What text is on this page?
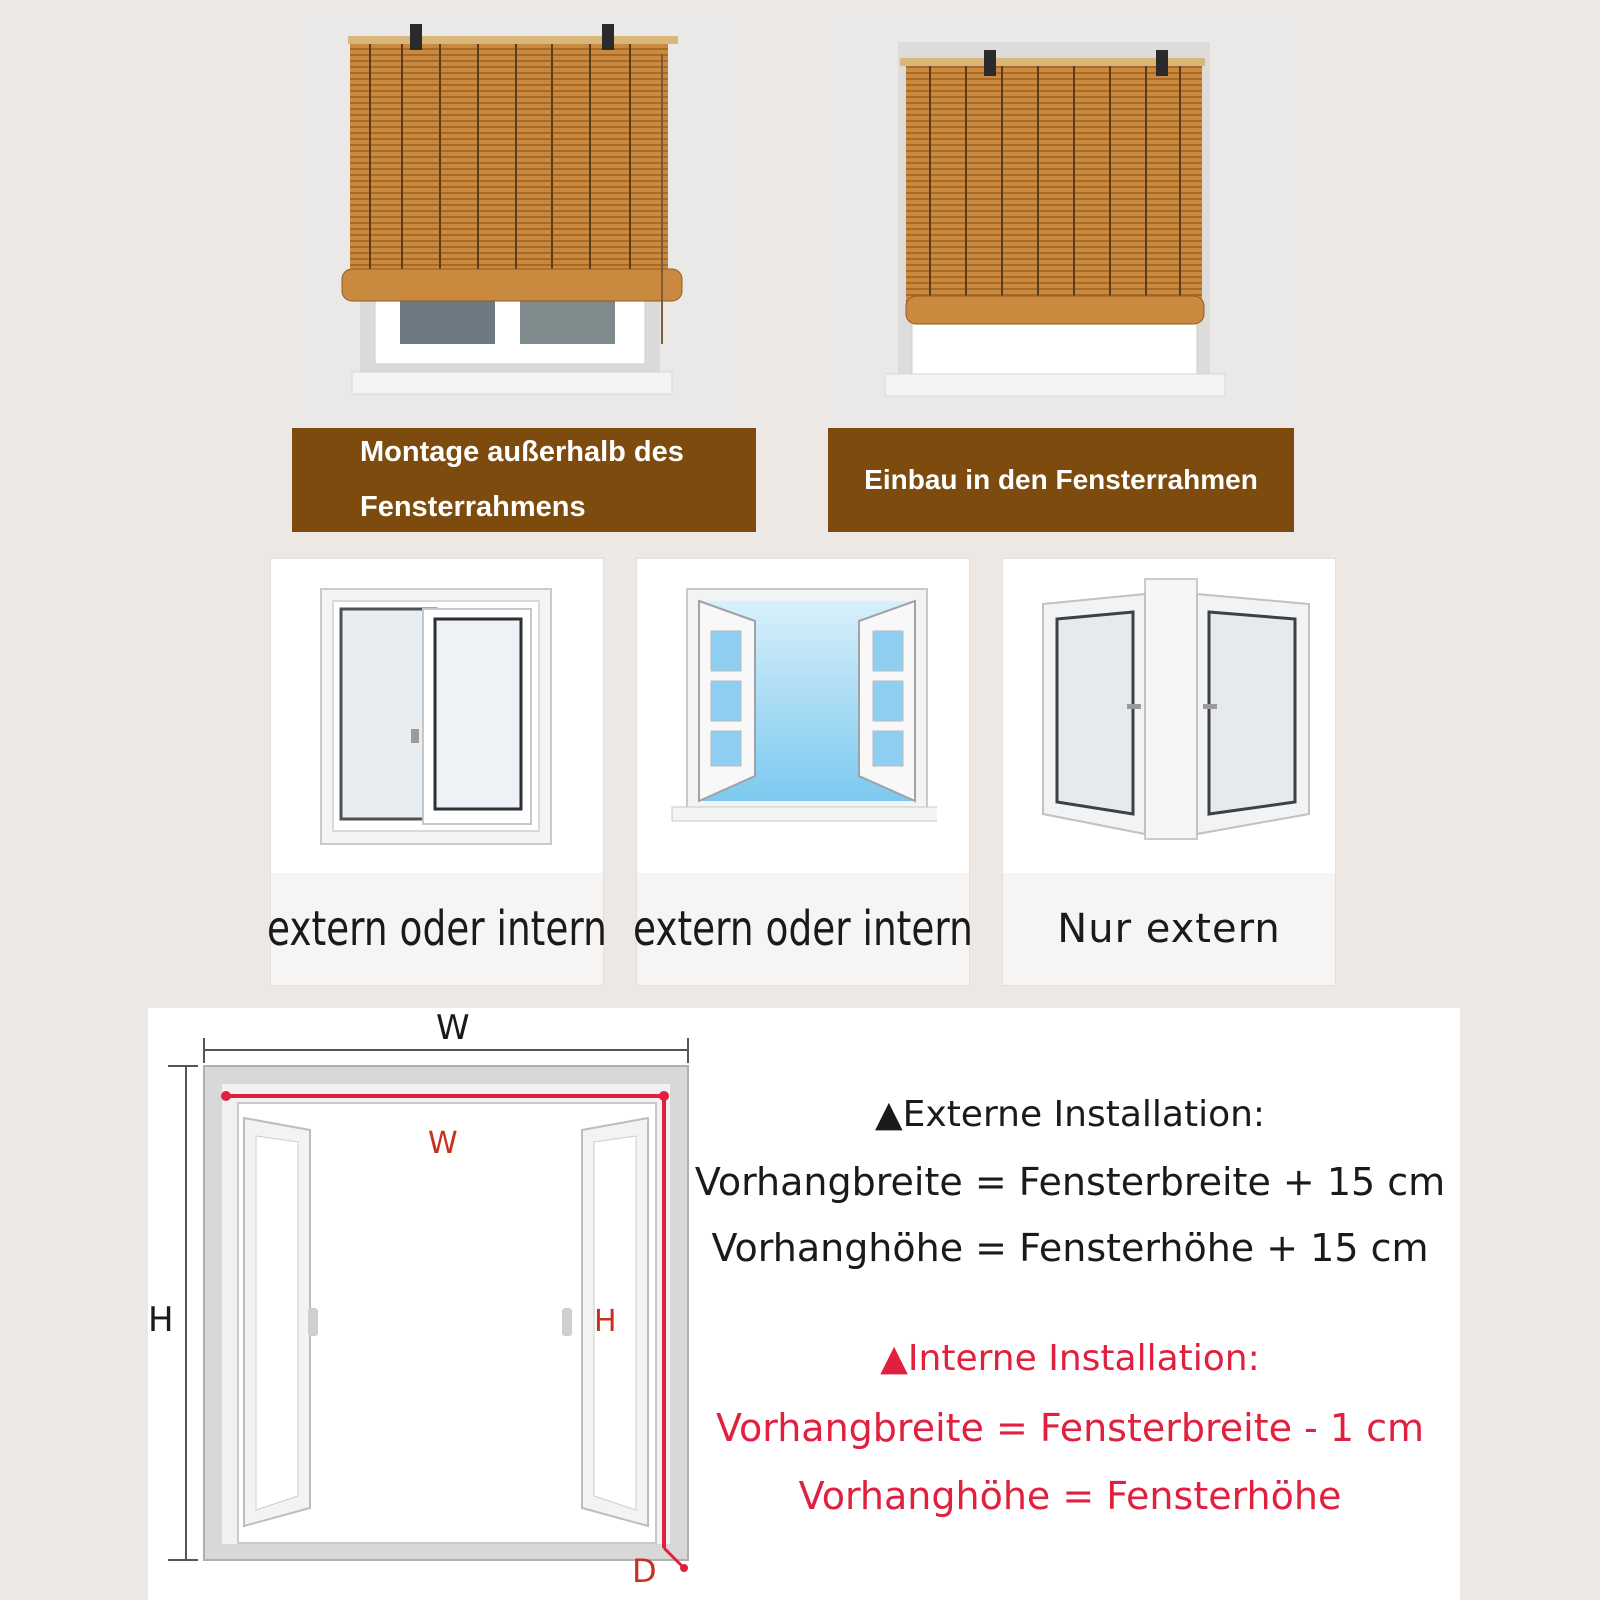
Montage außerhalb des
Fensterrahmens
Einbau in den Fensterrahmen
extern oder intern extern oder intern Nur extern
W
H
W
H
D
▲Externe Installation:
Vorhangbreite = Fensterbreite + 15 cm
Vorhanghöhe = Fensterhöhe + 15 cm
▲Interne Installation:
Vorhangbreite = Fensterbreite - 1 cm
Vorhanghöhe = Fensterhöhe
